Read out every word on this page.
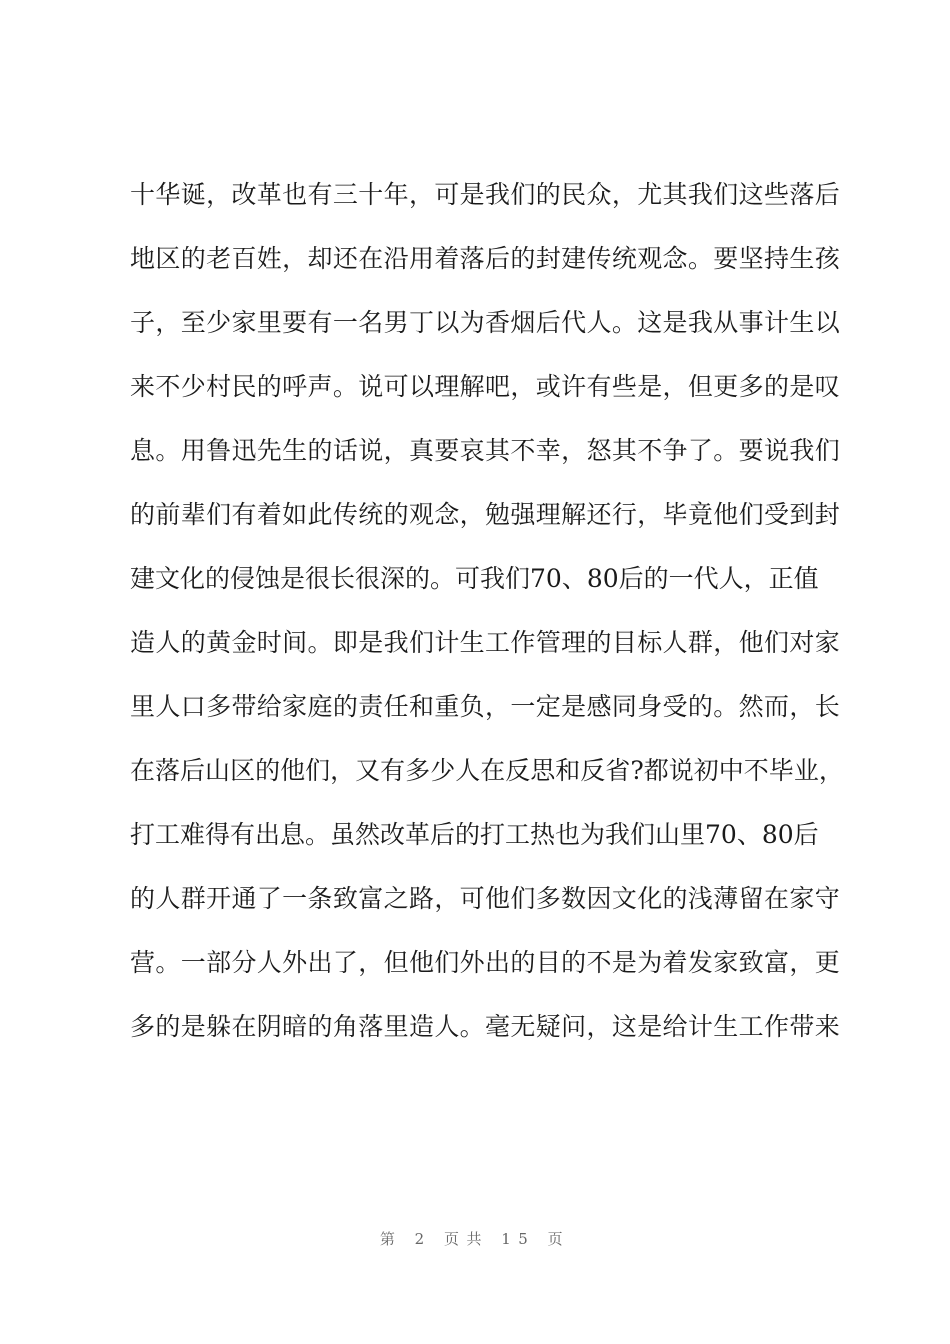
十 华 诞 ， 改 革 也 有 三 十 年 ， 可 是 我 们 的 民 众 ， 尤 其 我 们 这 些 落 后
地 区 的 老 百 姓 ， 却 还 在 沿 用 着 落 后 的 封 建 传 统 观 念 。 要 坚 持 生 孩
子 ， 至 少 家 里 要 有 一 名 男 丁 以 为 香 烟 后 代 人 。 这 是 我 从 事 计 生 以
来 不 少 村 民 的 呼 声 。 说 可 以 理 解 吧 ， 或 许 有 些 是 ， 但 更 多 的 是 叹
息 。 用 鲁 迅 先 生 的 话 说 ， 真 要 哀 其 不 幸 ， 怒 其 不 争 了 。 要 说 我 们
的 前 辈 们 有 着 如 此 传 统 的 观 念 ， 勉 强 理 解 还 行 ， 毕 竟 他 们 受 到 封
建文化的侵蚀是很长很深的。可我们70、80后的一代人，正值
造 人 的 黄 金 时 间 。 即 是 我 们 计 生 工 作 管 理 的 目 标 人 群 ， 他 们 对 家
里 人 口 多 带 给 家 庭 的 责 任 和 重 负 ， 一 定 是 感 同 身 受 的 。 然 而 ， 长
在 落 后 山 区 的 他 们 ， 又 有 多 少 人 在 反 思 和 反 省 ? 都 说 初 中 不 毕 业 ，
打工难得有出息。虽然改革后的打工热也为我们山里70、80后
的 人 群 开 通 了 一 条 致 富 之 路 ， 可 他 们 多 数 因 文 化 的 浅 薄 留 在 家 守
营 。 一 部 分 人 外 出 了 ， 但 他 们 外 出 的 目 的 不 是 为 着 发 家 致 富 ， 更
多 的 是 躲 在 阴 暗 的 角 落 里 造 人 。 毫 无 疑 问 ， 这 是 给 计 生 工 作 带 来
第 2 页共 15 页
